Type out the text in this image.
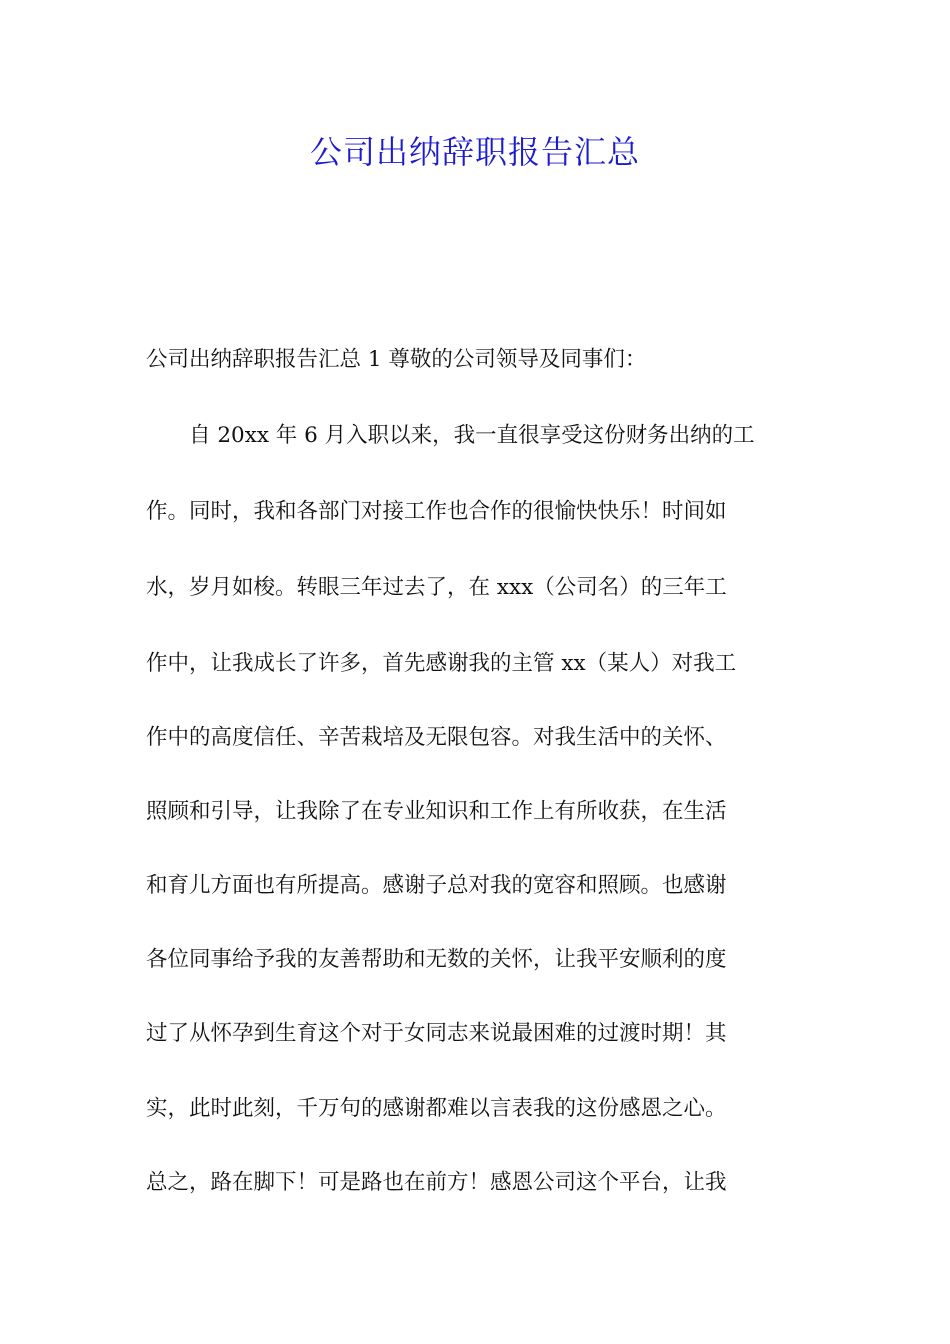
公司出纳辞职报告汇总
公司出纳辞职报告汇总 1 尊敬的公司领导及同事们：
　　自 20xx 年 6 月入职以来，我一直很享受这份财务出纳的工
作。同时，我和各部门对接工作也合作的很愉快快乐！时间如
水，岁月如梭。转眼三年过去了，在 xxx（公司名）的三年工
作中，让我成长了许多，首先感谢我的主管 xx（某人）对我工
作中的高度信任、辛苦栽培及无限包容。对我生活中的关怀、
照顾和引导，让我除了在专业知识和工作上有所收获，在生活
和育儿方面也有所提高。感谢子总对我的宽容和照顾。也感谢
各位同事给予我的友善帮助和无数的关怀，让我平安顺利的度
过了从怀孕到生育这个对于女同志来说最困难的过渡时期！其
实，此时此刻，千万句的感谢都难以言表我的这份感恩之心。
总之，路在脚下！可是路也在前方！感恩公司这个平台，让我
